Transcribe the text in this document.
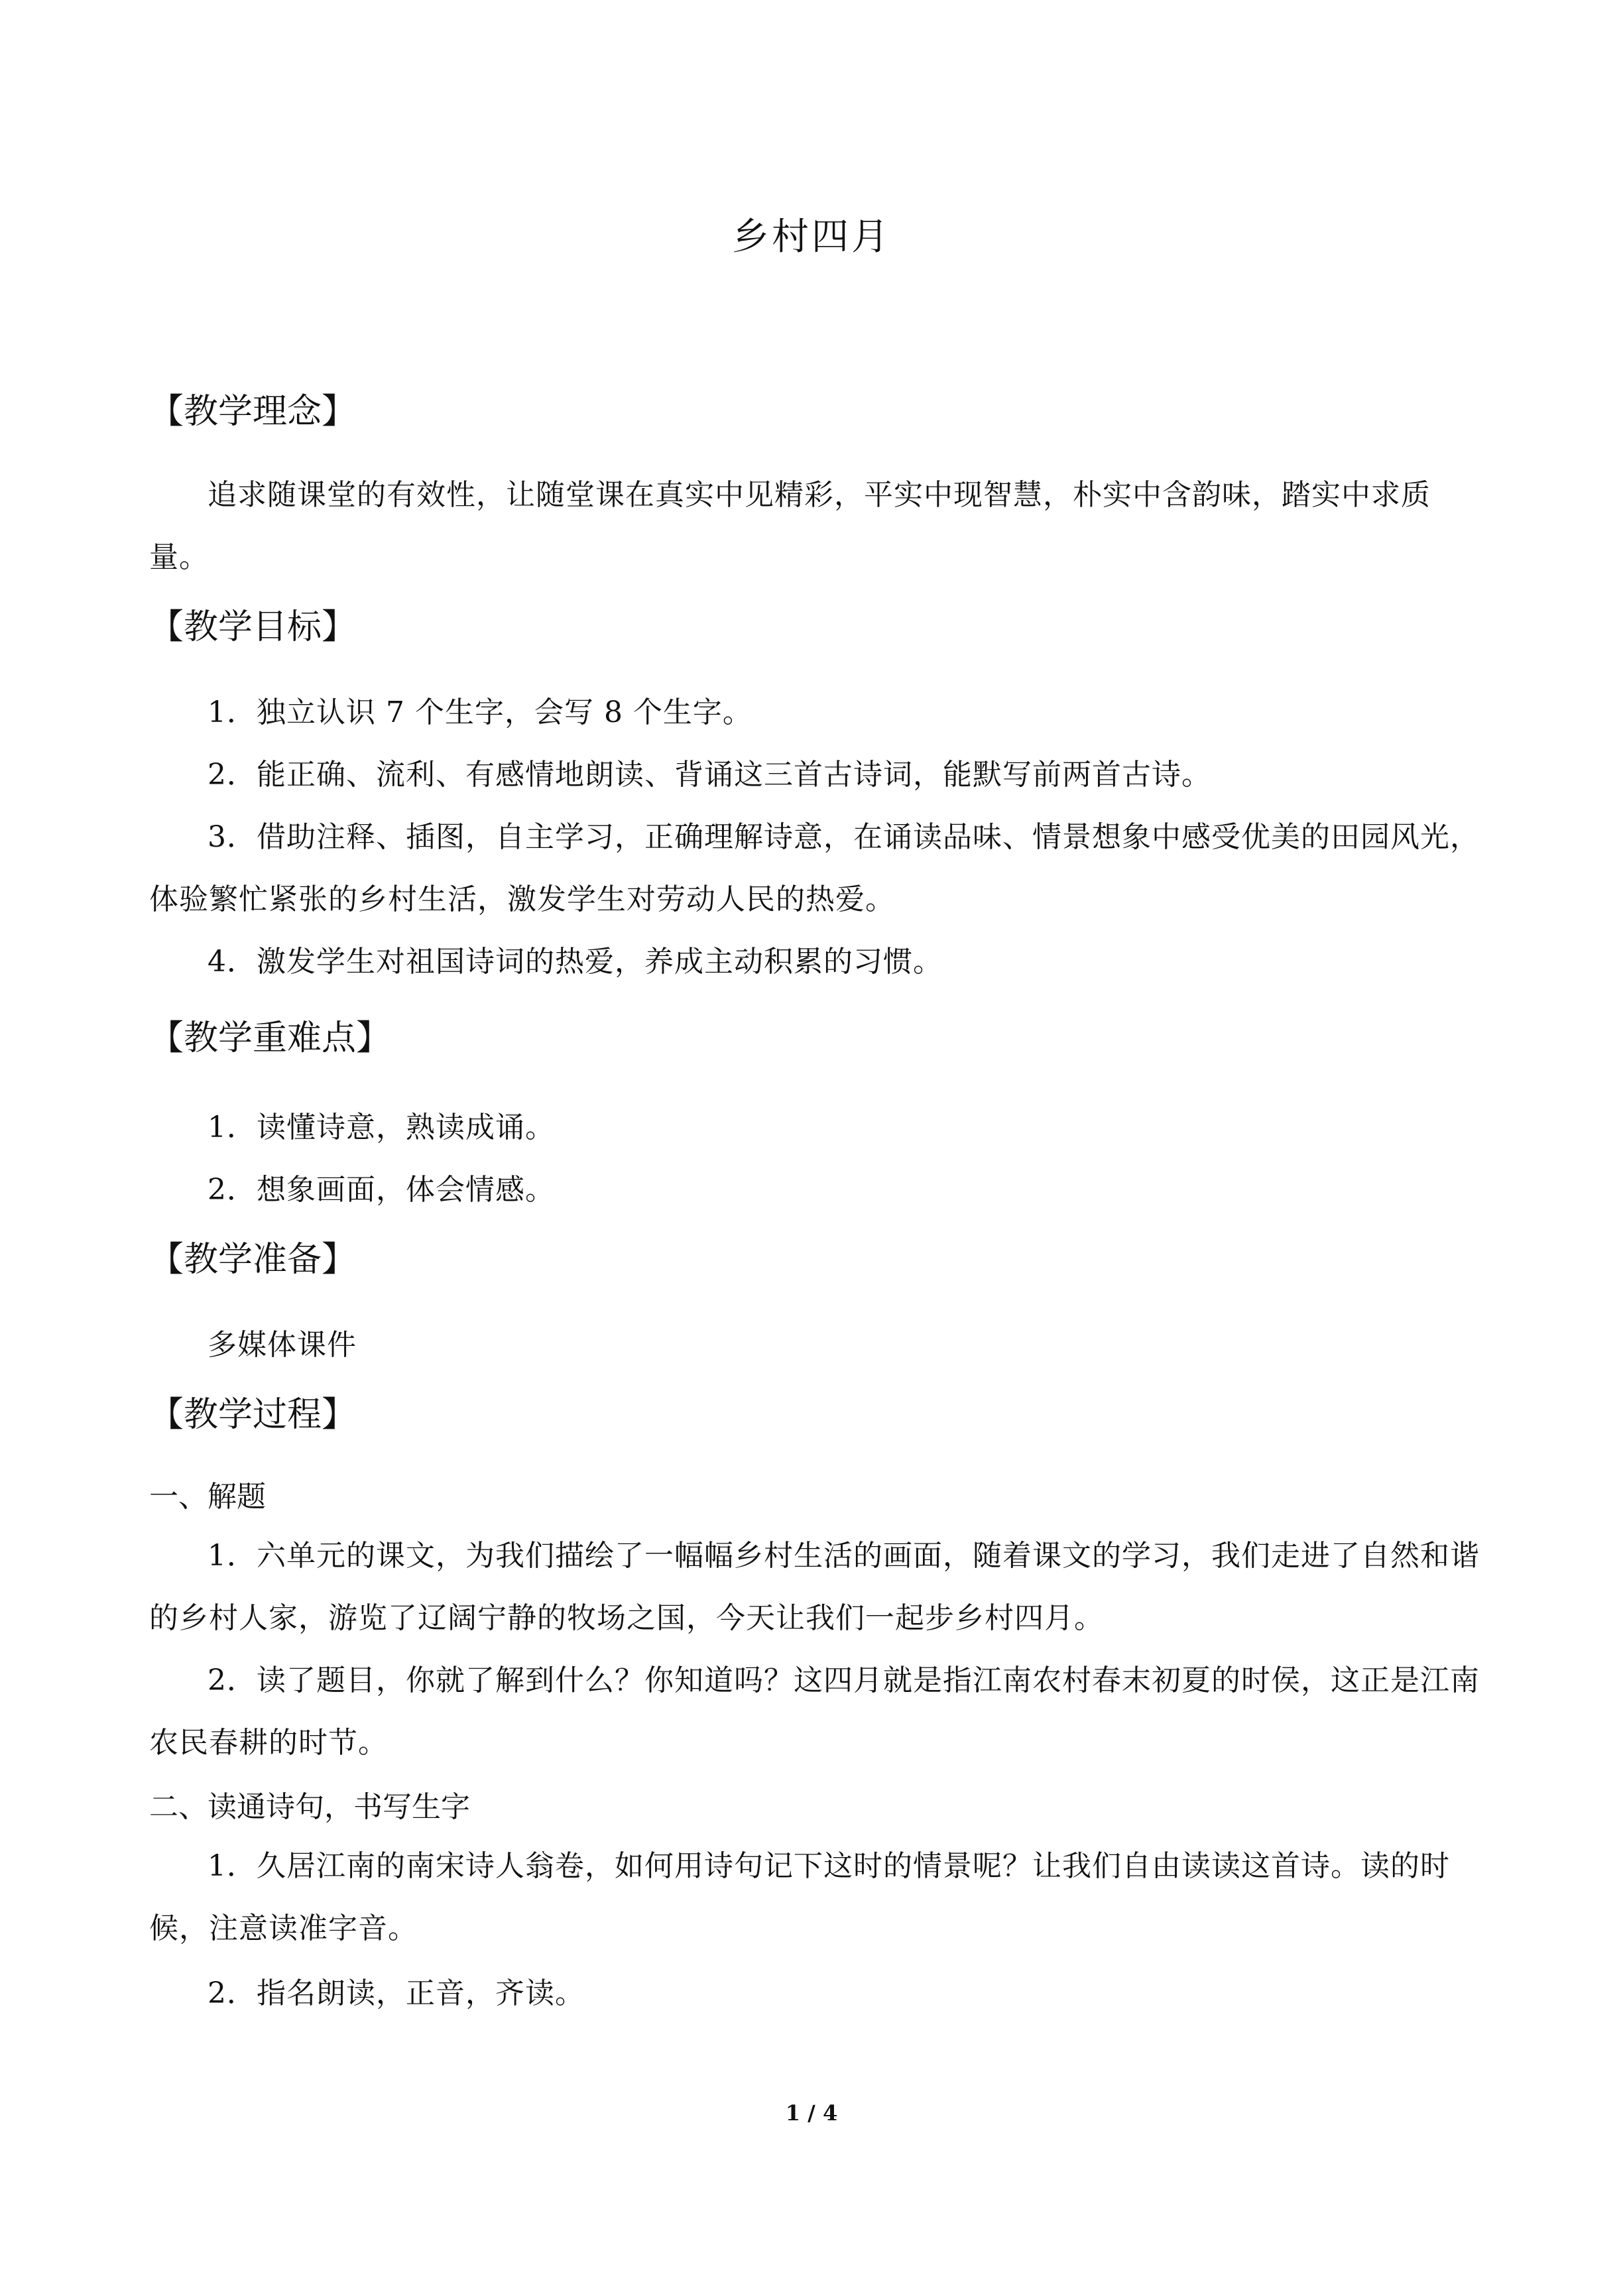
乡村四月
【教学理念】

追求随课堂的有效性，让随堂课在真实中见精彩，平实中现智慧，朴实中含韵味，踏实中求质量。

【教学目标】

1．独立认识 7 个生字，会写 8 个生字。

2．能正确、流利、有感情地朗读、背诵这三首古诗词，能默写前两首古诗。

3．借助注释、插图，自主学习，正确理解诗意，在诵读品味、情景想象中感受优美的田园风光，体验繁忙紧张的乡村生活，激发学生对劳动人民的热爱。

4．激发学生对祖国诗词的热爱，养成主动积累的习惯。

【教学重难点】

1．读懂诗意，熟读成诵。

2．想象画面，体会情感。

【教学准备】

多媒体课件

【教学过程】
一、解题

1．六单元的课文，为我们描绘了一幅幅乡村生活的画面，随着课文的学习，我们走进了自然和谐的乡村人家，游览了辽阔宁静的牧场之国，今天让我们一起步乡村四月。

2．读了题目，你就了解到什么？你知道吗？这四月就是指江南农村春末初夏的时侯，这正是江南农民春耕的时节。

二、读通诗句，书写生字

1．久居江南的南宋诗人翁卷，如何用诗句记下这时的情景呢？让我们自由读读这首诗。读的时候，注意读准字音。

2．指名朗读，正音，齐读。

1 / 4
